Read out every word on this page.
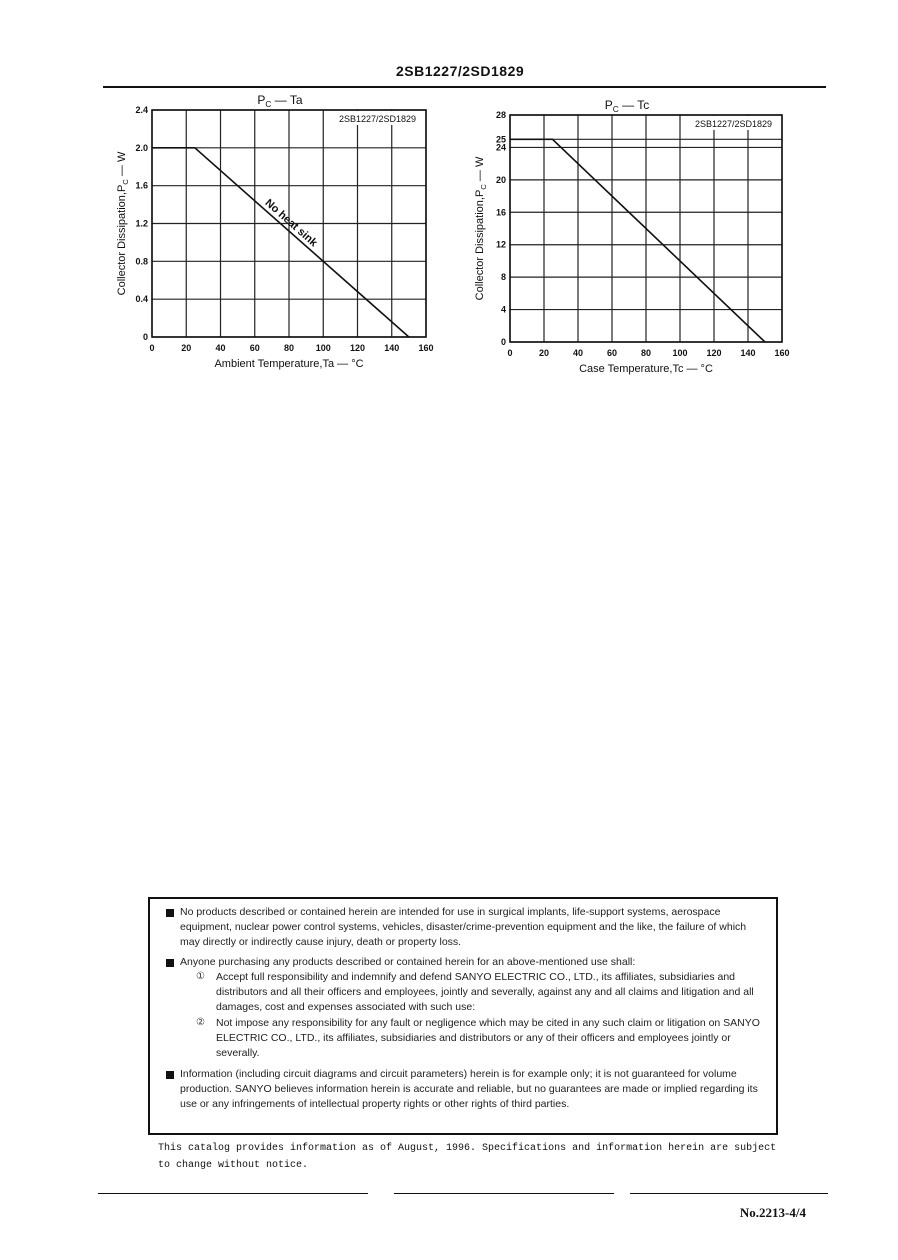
2SB1227/2SD1829
2SB1227/2SD1829
0	20	40	60	80 100 120 140 160
0
0.4
0.8
1.2
1.6
2.0
2.4
$P_C$ — Ta
Ambient Temperature,Ta — °C
Collector $Dissipation,P_C$ — W
No heat sink
2SB1227/2SD1829
0	20	40	60	80 100 120 140 160
0
4
8
12
16
20
24
25
28
$P_C$ — Tc
Case Temperature,Tc — °C
Collector $Dissipation,P_C$ — W
No products described or contained herein are intended for use in surgical implants, life-support systems, aerospace equipment, nuclear power control systems, vehicles, disaster/crime-prevention equipment and the like, the failure of which may directly or indirectly cause injury, death or property loss.
Anyone purchasing any products described or contained herein for an above-mentioned use shall:
① Accept full responsibility and indemnify and defend SANYO ELECTRIC CO., LTD., its affiliates, subsidiaries and distributors and all their officers and employees, jointly and severally, against any and all claims and litigation and all damages, cost and expenses associated with such use:
② Not impose any responsibility for any fault or negligence which may be cited in any such claim or litigation on SANYO ELECTRIC CO., LTD., its affiliates, subsidiaries and distributors or any of their officers and employees jointly or severally.
Information (including circuit diagrams and circuit parameters) herein is for example only; it is not guaranteed for volume production. SANYO believes information herein is accurate and reliable, but no guarantees are made or implied regarding its use or any infringements of intellectual property rights or other rights of third parties.
This catalog provides information as of August, 1996. Specifications and information herein are subject
to change without notice.
No.2213-4/4
